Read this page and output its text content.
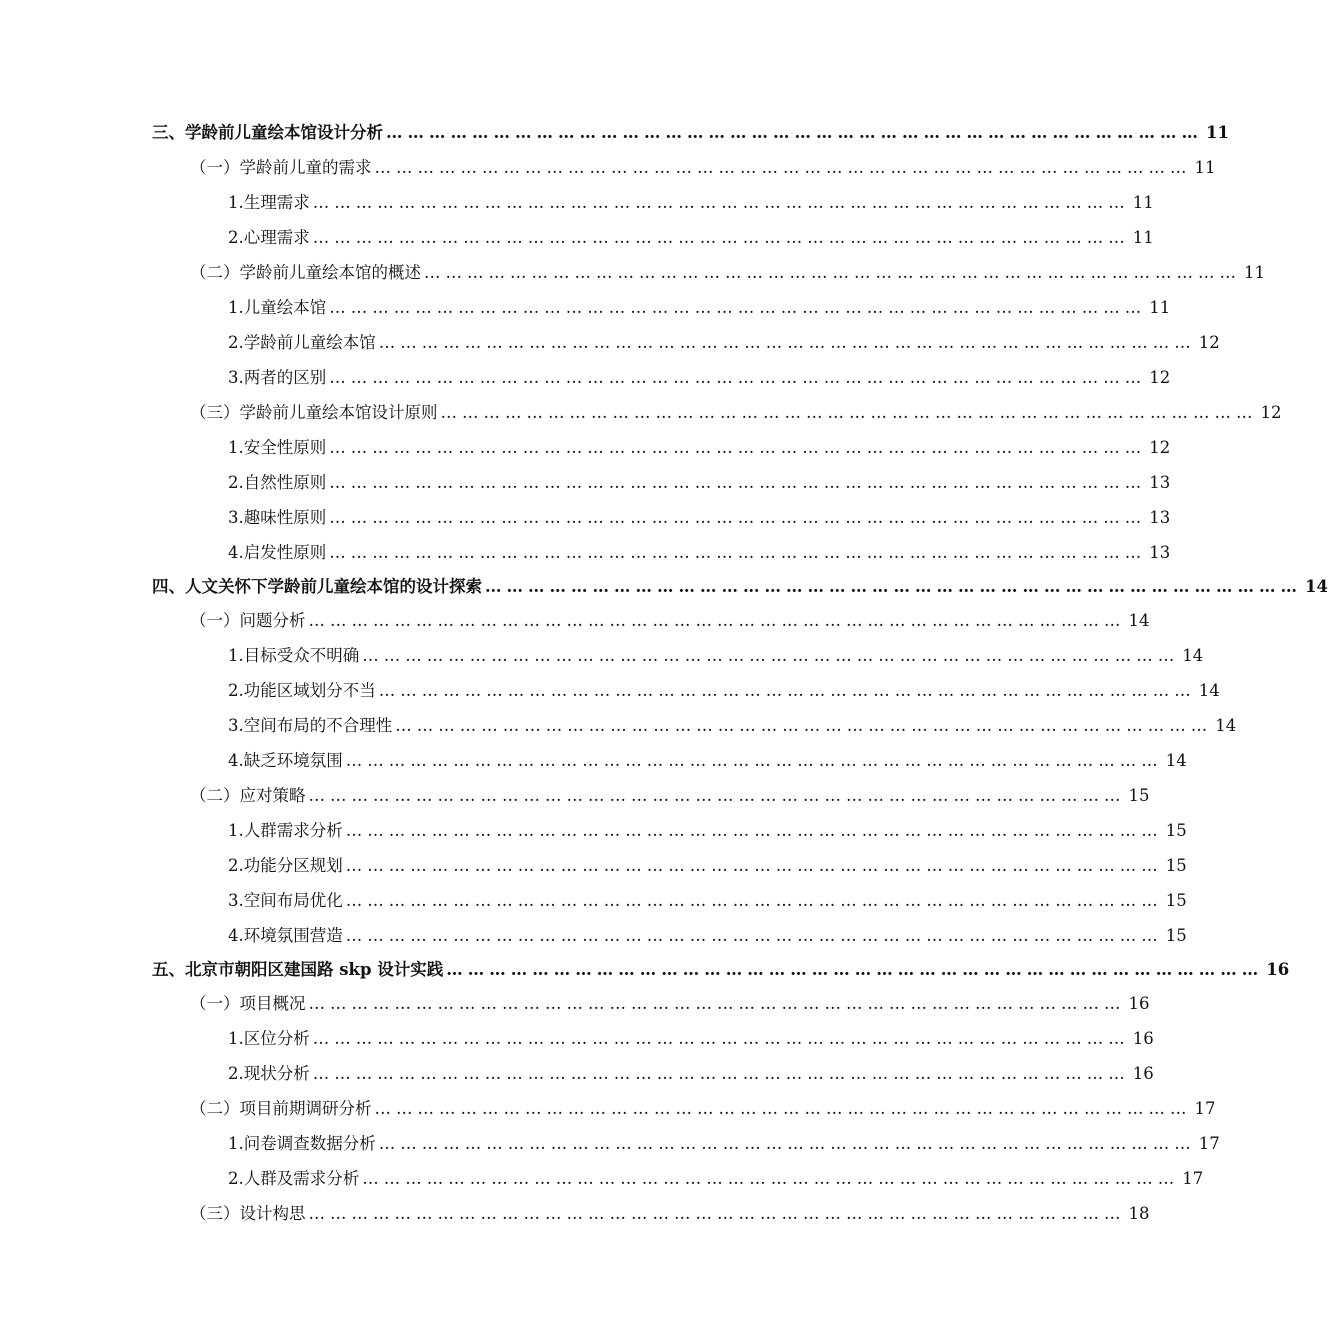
三、学龄前儿童绘本馆设计分析 …………………………………………………………………………………………………… 11
（一）学龄前儿童的需求 …………………………………………………………………………………………………… 11
1.生理需求 …………………………………………………………………………………………………… 11
2.心理需求 …………………………………………………………………………………………………… 11
（二）学龄前儿童绘本馆的概述 …………………………………………………………………………………………………… 11
1.儿童绘本馆 …………………………………………………………………………………………………… 11
2.学龄前儿童绘本馆 …………………………………………………………………………………………………… 12
3.两者的区别 …………………………………………………………………………………………………… 12
（三）学龄前儿童绘本馆设计原则 …………………………………………………………………………………………………… 12
1.安全性原则 …………………………………………………………………………………………………… 12
2.自然性原则 …………………………………………………………………………………………………… 13
3.趣味性原则 …………………………………………………………………………………………………… 13
4.启发性原则 …………………………………………………………………………………………………… 13
四、人文关怀下学龄前儿童绘本馆的设计探索 …………………………………………………………………………………………………… 14
（一）问题分析 …………………………………………………………………………………………………… 14
1.目标受众不明确 …………………………………………………………………………………………………… 14
2.功能区域划分不当 …………………………………………………………………………………………………… 14
3.空间布局的不合理性 …………………………………………………………………………………………………… 14
4.缺乏环境氛围 …………………………………………………………………………………………………… 14
（二）应对策略 …………………………………………………………………………………………………… 15
1.人群需求分析 …………………………………………………………………………………………………… 15
2.功能分区规划 …………………………………………………………………………………………………… 15
3.空间布局优化 …………………………………………………………………………………………………… 15
4.环境氛围营造 …………………………………………………………………………………………………… 15
五、北京市朝阳区建国路 skp 设计实践 …………………………………………………………………………………………………… 16
（一）项目概况 …………………………………………………………………………………………………… 16
1.区位分析 …………………………………………………………………………………………………… 16
2.现状分析 …………………………………………………………………………………………………… 16
（二）项目前期调研分析 …………………………………………………………………………………………………… 17
1.问卷调查数据分析 …………………………………………………………………………………………………… 17
2.人群及需求分析 …………………………………………………………………………………………………… 17
（三）设计构思 …………………………………………………………………………………………………… 18
